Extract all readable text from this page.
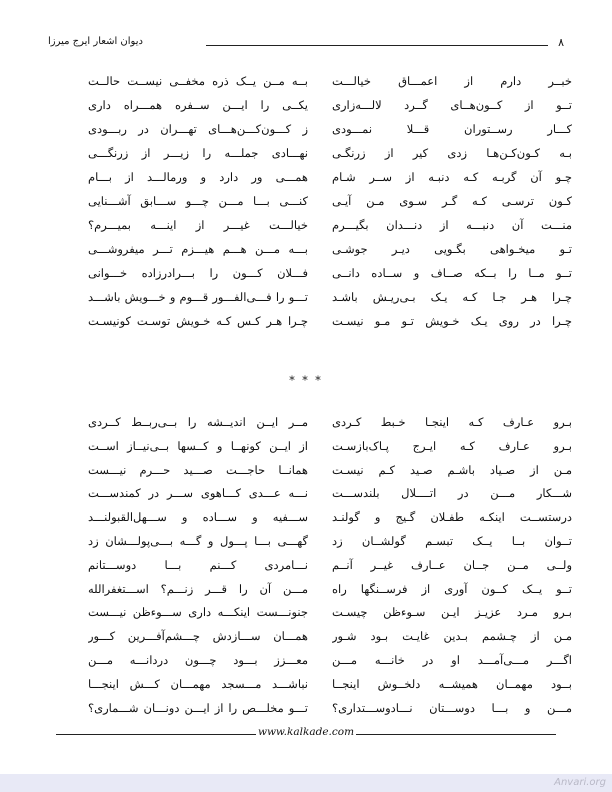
دیوان اشعار ایرج میرزا	٨
خبــر دارم از اعمـــاق خیالـــت
تــو از کــون‌هــای گــرد لالـــه‌زاری
کـــار رســتوران قـــلا نمـــودی
بـه کـون‌کـن‌هـا زدی کیر از زرنگـی
چـو آن گربـه کـه دنبـه از ســر شـام
کـون ترسـی کـه گـر سـوی مـن آیـی
منـــت آن دنبـــه از دنـــدان بگیـــرم
تـو میخـواهی بگـویی دیـر جوشـی
تــو مــا را بــکه صــاف و ســاده دانــی
چـرا هـر جـا کـه یـک بـی‌ریـش باشـد
چـرا در روی یـک خـویش تـو مـو نیسـت
بــه مــن یــک ذره مخفــی نیســت حالــت
یکــی را ایـــن ســفره همـــراه داری
ز کـــون‌کـــن‌هـــای تهـــران در ربـــودی
نهـــادی جملـــه را زیـــر از زرنگـــی
همـــی ور دارد و ورمالـــد از بـــام
کنـــی بـــا مـــن چـــو ســـابق آشـــنایی
خیالـــت غیـــر از اینـــه بمیـــرم؟
بـــه مـــن هـــم هیـــزم تـــر میفروشـــی
فـــلان کـــون را بـــرادرزاده خـــوانی
تـــو را فـــی‌الفـــور قـــوم و خـــویش باشـــد
چـرا هـر کـس کـه خـویش توسـت کونیسـت
* * *
بـرو عـارف کـه اینجـا خـبط کـردی
بـرو عـارف کـه ایـرج پـاک‌بازسـت
مـن از صـیاد باشـم صـید کـم نیسـت
شـــکار مـــن در اتــــلال بلندســـت
درستســت اینکـه طفـلان گـیج و گولنـد
تــوان بــا یــک تبسـم گولشــان زد
ولــی مــن جــان عــارف غیــر آنــم
تــو یــک کــون آوری از فرســنگها راه
بـرو مـرد عزیـز ایـن سـوءظن چیسـت
مـن از چـشمم بـدین غایـت بـود شـور
اگـــر مـــی‌آمـــد او در خانـــه مـــن
بــود مهمــان همیشــه دلخــوش اینجــا
مـــن و بـــا دوســـتان نـــادوســـتداری؟
مــر ایــن اندیــشه را بــی‌ربــط کــردی
از ایــن کونهــا و کــسها بــی‌نیــاز اســت
همانــا حاجـــت صـــید حـــرم نیـــست
نـــه عـــدی کـــاهوی ســـر در کمندســـت
ســـفیه و ســـاده و ســـهل‌القبولنـــد
گهـــی بـــا پـــول و گـــه بـــی‌پولـــشان زد
نـــامردی کـــنم بـــا دوســـتانم
مـــن آن را قـــر زنـــم؟ اســـتغفرالله
جنونـــست اینکـــه داری ســـوءظن نیـــست
همـــان ســـازدش چـــشم‌آفـــرین کـــور
معـــزز بـــود چـــون دردانـــه مـــن
نباشـــد مـــسجد مهمـــان کـــش اینجـــا
تـــو مخلـــص را از ایـــن دونـــان شـــماری؟
www.kalkade.com
Anvari.org
